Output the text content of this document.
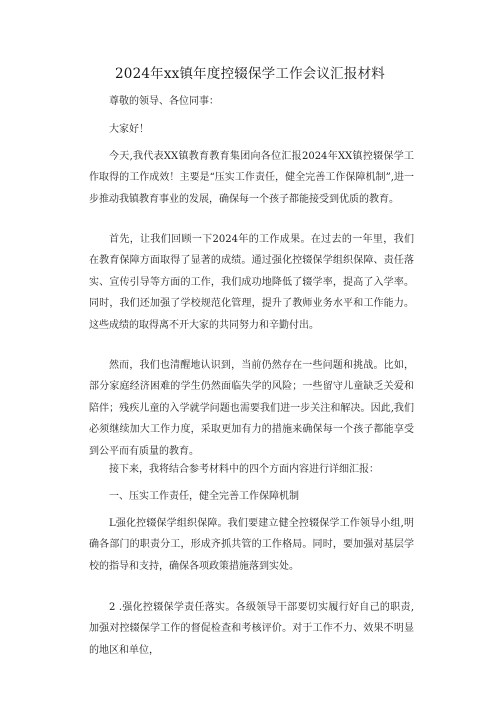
2024年xx镇年度控辍保学工作会议汇报材料

尊敬的领导、各位同事：

大家好！

今天,我代表XX镇教育教育集团向各位汇报2024年XX镇控辍保学工作取得的工作成效！主要是“压实工作责任，健全完善工作保障机制”,进一步推动我镇教育事业的发展，确保每一个孩子都能接受到优质的教育。

首先，让我们回顾一下2024年的工作成果。在过去的一年里，我们在教育保障方面取得了显著的成绩。通过强化控辍保学组织保障、责任落实、宣传引导等方面的工作，我们成功地降低了辍学率，提高了入学率。同时，我们还加强了学校规范化管理，提升了教师业务水平和工作能力。这些成绩的取得离不开大家的共同努力和辛勤付出。

然而，我们也清醒地认识到，当前仍然存在一些问题和挑战。比如，部分家庭经济困难的学生仍然面临失学的风险；一些留守儿童缺乏关爱和陪伴；残疾儿童的入学就学问题也需要我们进一步关注和解决。因此,我们必须继续加大工作力度，采取更加有力的措施来确保每一个孩子都能享受到公平而有质量的教育。

接下来，我将结合参考材料中的四个方面内容进行详细汇报：

一、压实工作责任，健全完善工作保障机制

L强化控辍保学组织保障。我们要建立健全控辍保学工作领导小组,明确各部门的职责分工，形成齐抓共管的工作格局。同时，要加强对基层学校的指导和支持，确保各项政策措施落到实处。

2 .强化控辍保学责任落实。各级领导干部要切实履行好自己的职责,加强对控辍保学工作的督促检查和考核评价。对于工作不力、效果不明显的地区和单位，
